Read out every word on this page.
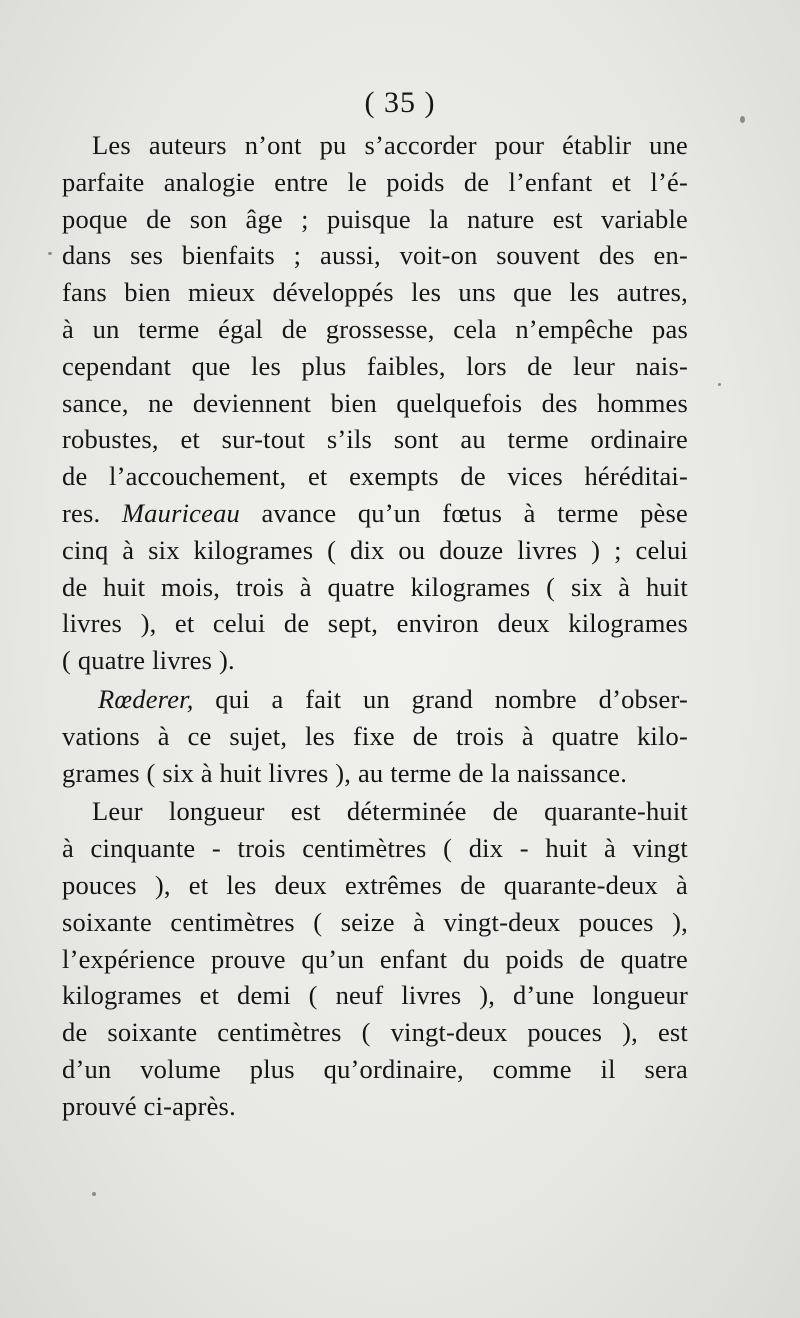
( 35 )
Les auteurs n’ont pu s’accorder pour établir une
parfaite analogie entre le poids de l’enfant et l’é-
poque de son âge ; puisque la nature est variable
dans ses bienfaits ; aussi, voit-on souvent des en-
fans bien mieux développés les uns que les autres,
à un terme égal de grossesse, cela n’empêche pas
cependant que les plus faibles, lors de leur nais-
sance, ne deviennent bien quelquefois des hommes
robustes, et sur-tout s’ils sont au terme ordinaire
de l’accouchement, et exempts de vices héréditai-
res. Mauriceau avance qu’un fœtus à terme pèse
cinq à six kilogrames ( dix ou douze livres ) ; celui
de huit mois, trois à quatre kilogrames ( six à huit
livres ), et celui de sept, environ deux kilogrames
( quatre livres ).
Rœderer, qui a fait un grand nombre d’obser-
vations à ce sujet, les fixe de trois à quatre kilo-
grames ( six à huit livres ), au terme de la naissance.
Leur longueur est déterminée de quarante-huit
à cinquante - trois centimètres ( dix - huit à vingt
pouces ), et les deux extrêmes de quarante-deux à
soixante centimètres ( seize à vingt-deux pouces ),
l’expérience prouve qu’un enfant du poids de quatre
kilogrames et demi ( neuf livres ), d’une longueur
de soixante centimètres ( vingt-deux pouces ), est
d’un volume plus qu’ordinaire, comme il sera
prouvé ci-après.
